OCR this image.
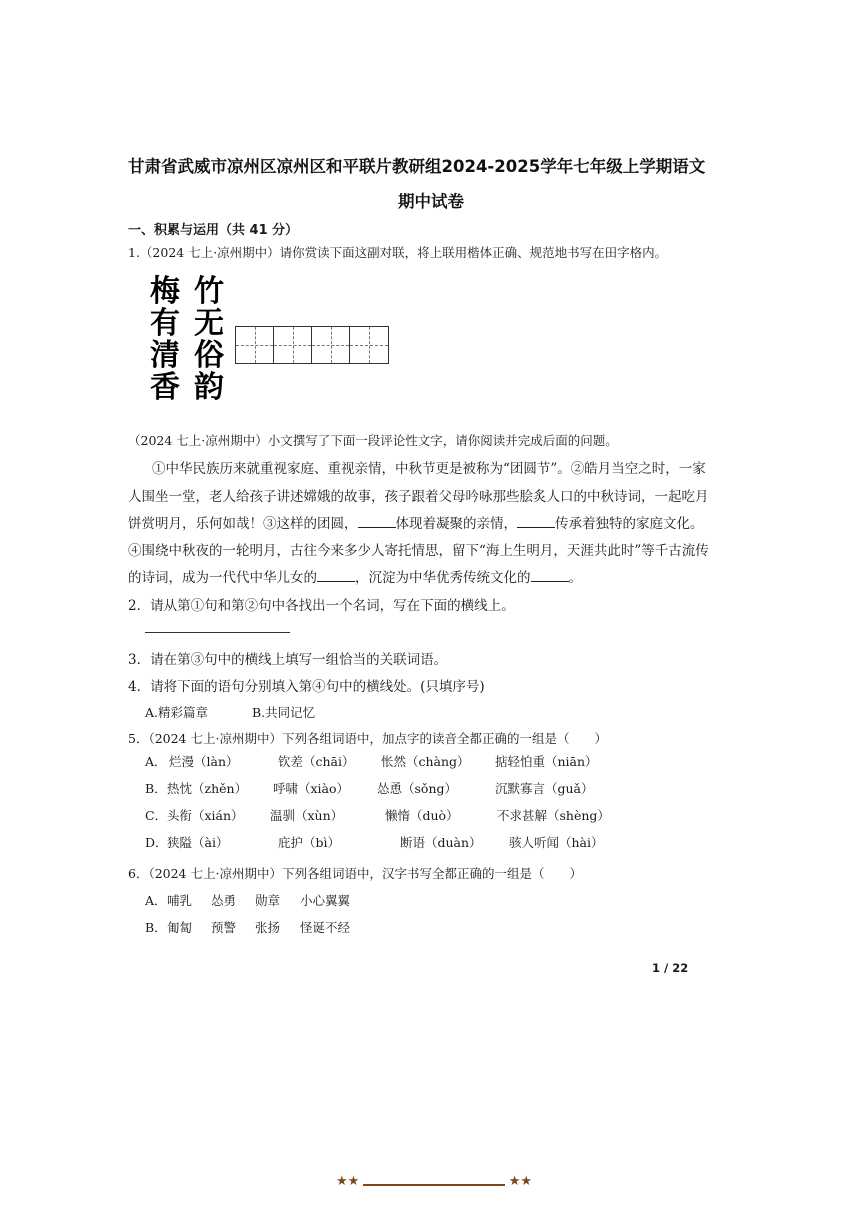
甘肃省武威市凉州区凉州区和平联片教研组2024-2025学年七年级上学期语文
期中试卷
一、积累与运用（共 41 分）
1.（2024 七上·凉州期中）请你赏读下面这副对联，将上联用楷体正确、规范地书写在田字格内。
梅
有
清
香
竹
无
俗
韵
（2024 七上·凉州期中）小文撰写了下面一段评论性文字，请你阅读并完成后面的问题。
①中华民族历来就重视家庭、重视亲情，中秋节更是被称为“团圆节”。②皓月当空之时，一家
人围坐一堂，老人给孩子讲述嫦娥的故事，孩子跟着父母吟咏那些脍炙人口的中秋诗词，一起吃月
饼赏明月，乐何如哉！③这样的团圆，	体现着凝聚的亲情，	传承着独特的家庭文化。
④围绕中秋夜的一轮明月，古往今来多少人寄托情思，留下“海上生明月，天涯共此时”等千古流传
的诗词，成为一代代中华儿女的	，沉淀为中华优秀传统文化的	。
2．请从第①句和第②句中各找出一个名词，写在下面的横线上。
3．请在第③句中的横线上填写一组恰当的关联词语。
4．请将下面的语句分别填入第④句中的横线处。(只填序号)
A.精彩篇章	B.共同记忆
5．（2024 七上·凉州期中）下列各组词语中，加点字的读音全都正确的一组是（　　）
A． 烂漫（làn）	钦差（chāi） 怅然（chàng） 掂轻怕重（niān）
B． 热忱（zhěn） 呼啸（xiào） 怂恿（sǒng）	沉默寡言（guǎ）
C． 头衔（xián） 温驯（xùn）	懒惰（duò）	不求甚解（shèng）
D． 狭隘（ài）	庇护（bì）	断语（duàn） 骇人听闻（hài）
6．（2024 七上·凉州期中）下列各组词语中，汉字书写全都正确的一组是（　　）
A． 哺乳 怂勇 勋章 小心翼翼
B． 匍匐 预警 张扬 怪诞不经
1 / 22
★★	★★
